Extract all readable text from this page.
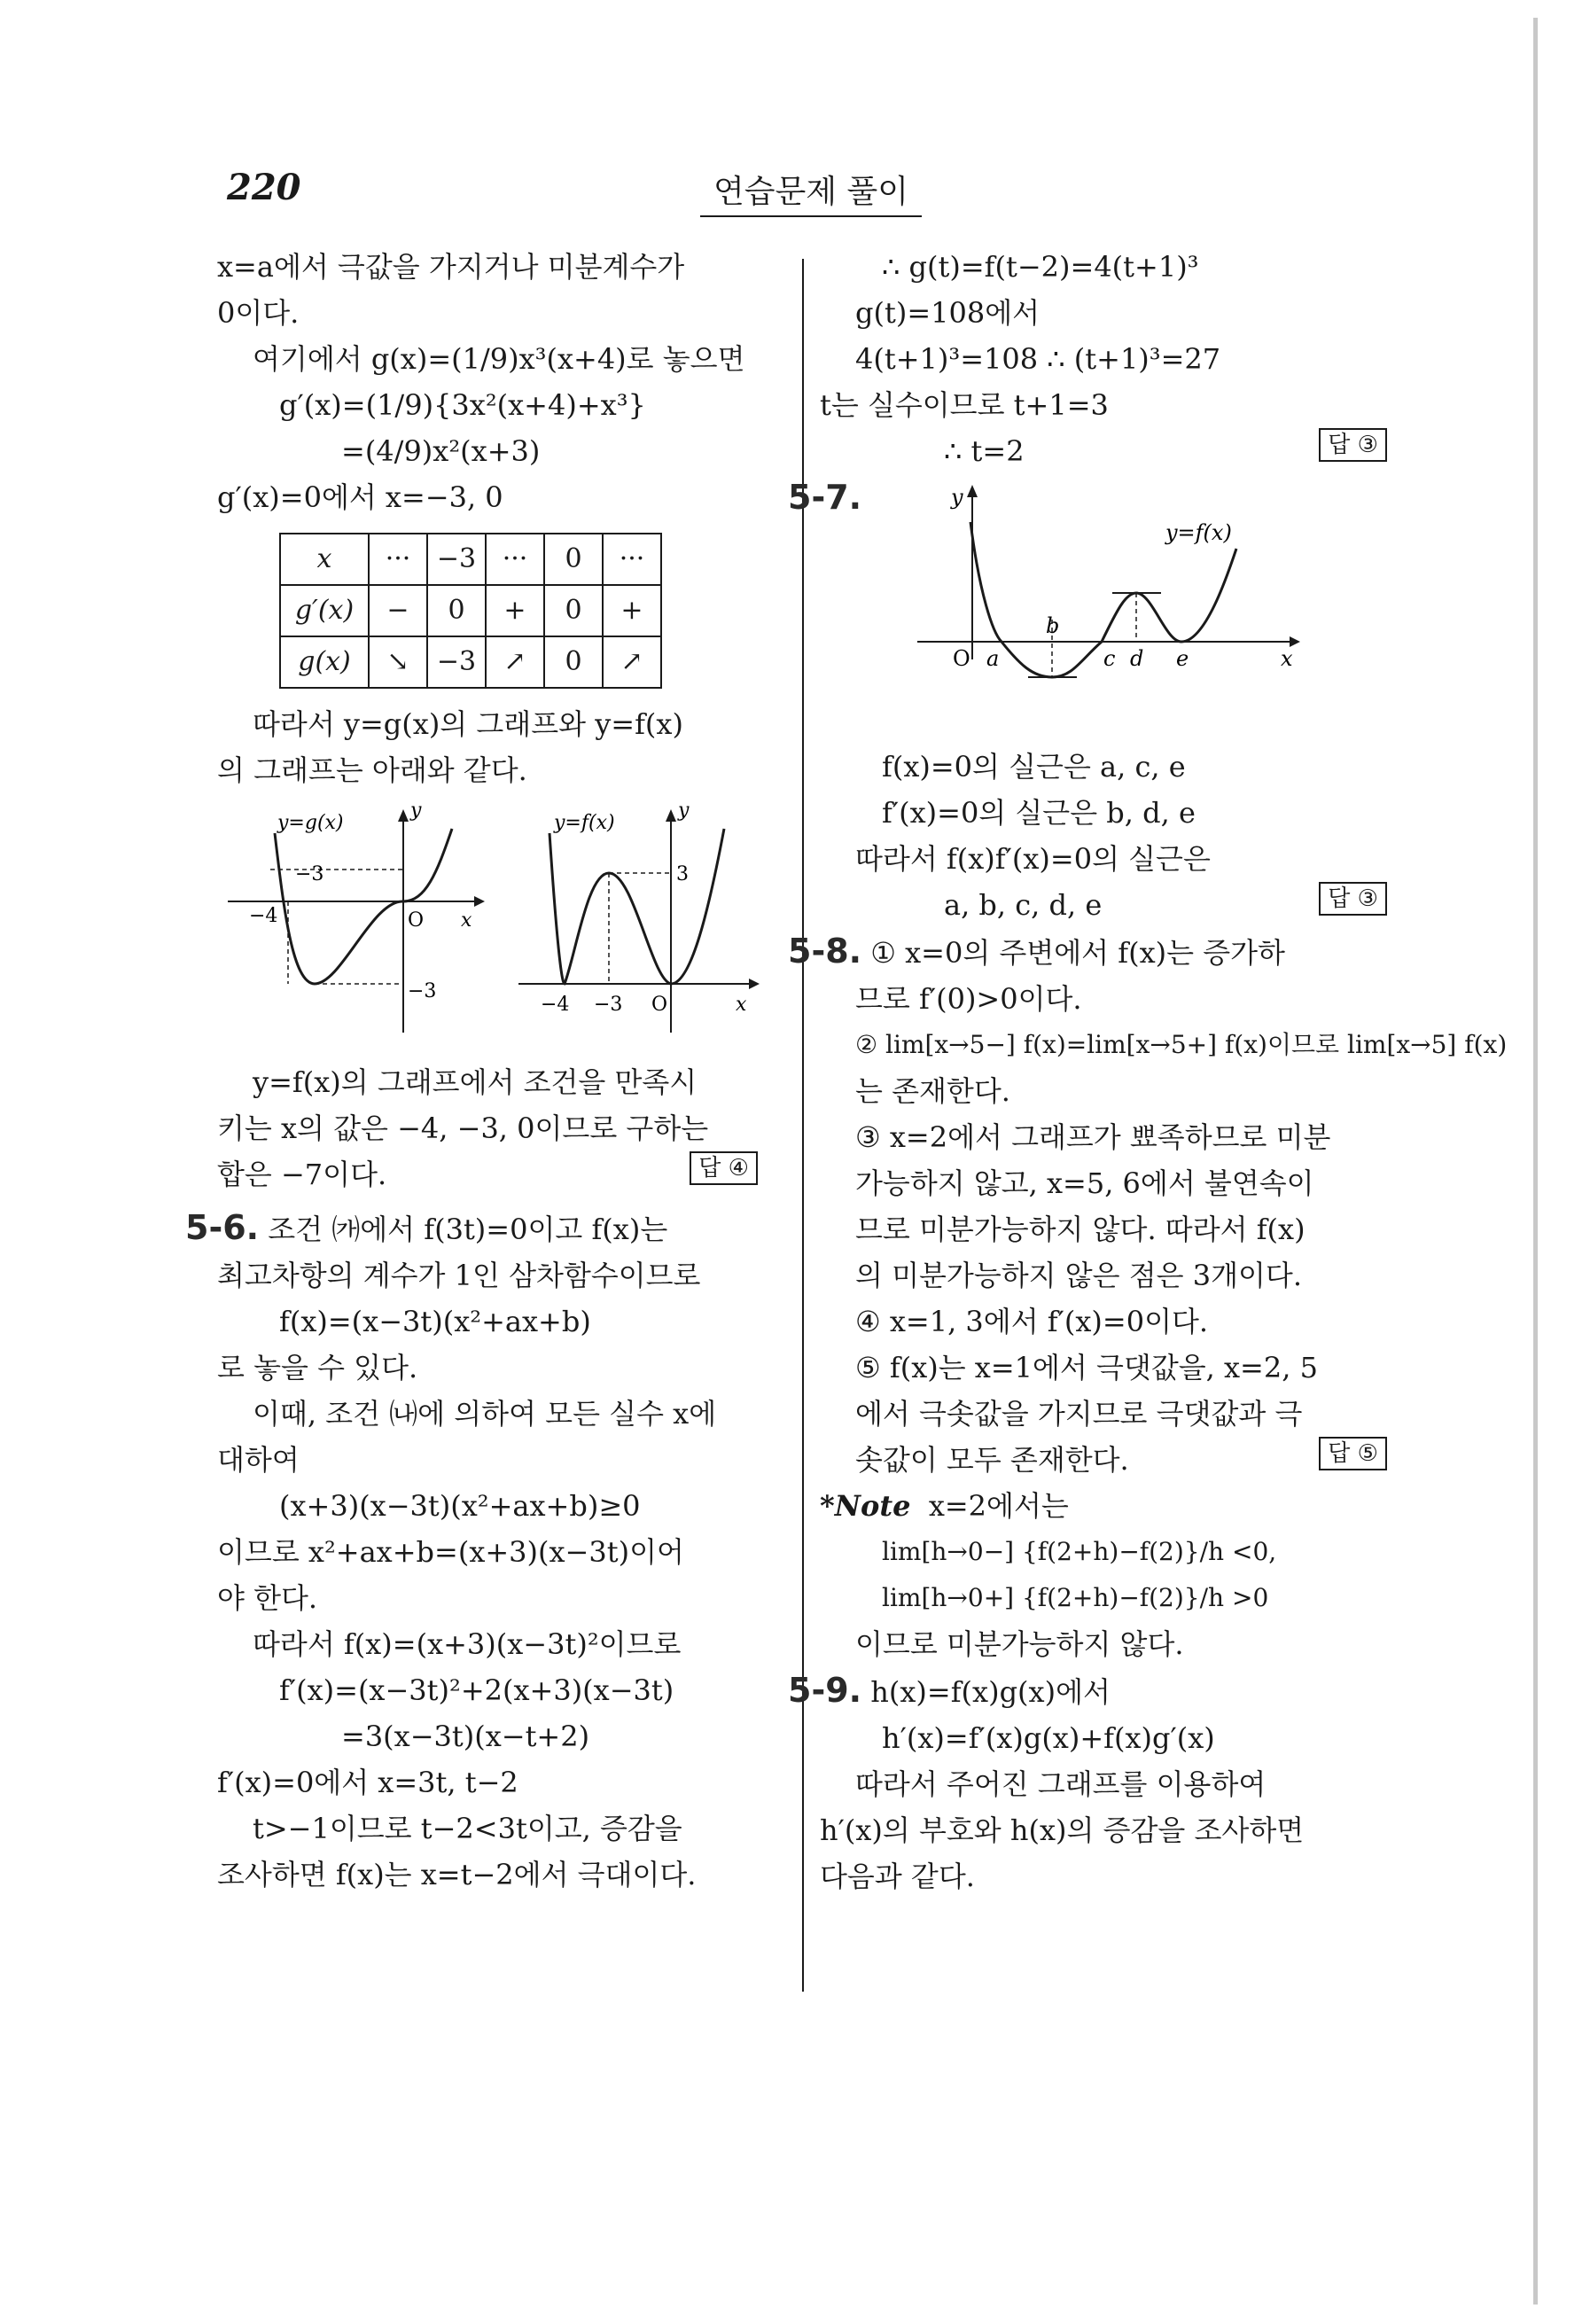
220	연습문제 풀이
x=a에서 극값을 가지거나 미분계수가
0이다.
여기에서 g(x)=(1/9)x³(x+4)로 놓으면
g′(x)=(1/9){3x²(x+4)+x³}
=(4/9)x²(x+3)
g′(x)=0에서 x=−3, 0
x	···	−3	···	0	···
g′(x)	−	0	+	0	+
g(x)	↘	−3	↗	0	↗
따라서 y=g(x)의 그래프와 y=f(x)
의 그래프는 아래와 같다.
y=g(x)
y
x
O
−4
−3
−3
y=f(x)
y
x
O
−4 −3
3
y=f(x)의 그래프에서 조건을 만족시
키는 x의 값은 −4, −3, 0이므로 구하는
합은 −7이다.	답 ④
5-6. 조건 ㈎에서 f(3t)=0이고 f(x)는
최고차항의 계수가 1인 삼차함수이므로
f(x)=(x−3t)(x²+ax+b)
로 놓을 수 있다.
이때, 조건 ㈏에 의하여 모든 실수 x에
대하여
(x+3)(x−3t)(x²+ax+b)≥0
이므로 x²+ax+b=(x+3)(x−3t)이어
야 한다.
따라서 f(x)=(x+3)(x−3t)²이므로
f′(x)=(x−3t)²+2(x+3)(x−3t)
=3(x−3t)(x−t+2)
f′(x)=0에서 x=3t, t−2
t>−1이므로 t−2<3t이고, 증감을
조사하면 f(x)는 x=t−2에서 극대이다.
∴ g(t)=f(t−2)=4(t+1)³
g(t)=108에서
4(t+1)³=108 ∴ (t+1)³=27
t는 실수이므로 t+1=3
∴ t=2	답 ③
5-7.
y=f(x)
y
x
O a
b
c d e
f(x)=0의 실근은 a, c, e
f′(x)=0의 실근은 b, d, e
따라서 f(x)f′(x)=0의 실근은
a, b, c, d, e	답 ③
5-8. ① x=0의 주변에서 f(x)는 증가하
므로 f′(0)>0이다.
② lim[x→5−] f(x)=lim[x→5+] f(x)이므로 lim[x→5] f(x)
는 존재한다.
③ x=2에서 그래프가 뾰족하므로 미분
가능하지 않고, x=5, 6에서 불연속이
므로 미분가능하지 않다. 따라서 f(x)
의 미분가능하지 않은 점은 3개이다.
④ x=1, 3에서 f′(x)=0이다.
⑤ f(x)는 x=1에서 극댓값을, x=2, 5
에서 극솟값을 가지므로 극댓값과 극
솟값이 모두 존재한다.	답 ⑤
*Note x=2에서는
lim[h→0−] {f(2+h)−f(2)}/h <0,
lim[h→0+] {f(2+h)−f(2)}/h >0
이므로 미분가능하지 않다.
5-9. h(x)=f(x)g(x)에서
h′(x)=f′(x)g(x)+f(x)g′(x)
따라서 주어진 그래프를 이용하여
h′(x)의 부호와 h(x)의 증감을 조사하면
다음과 같다.
